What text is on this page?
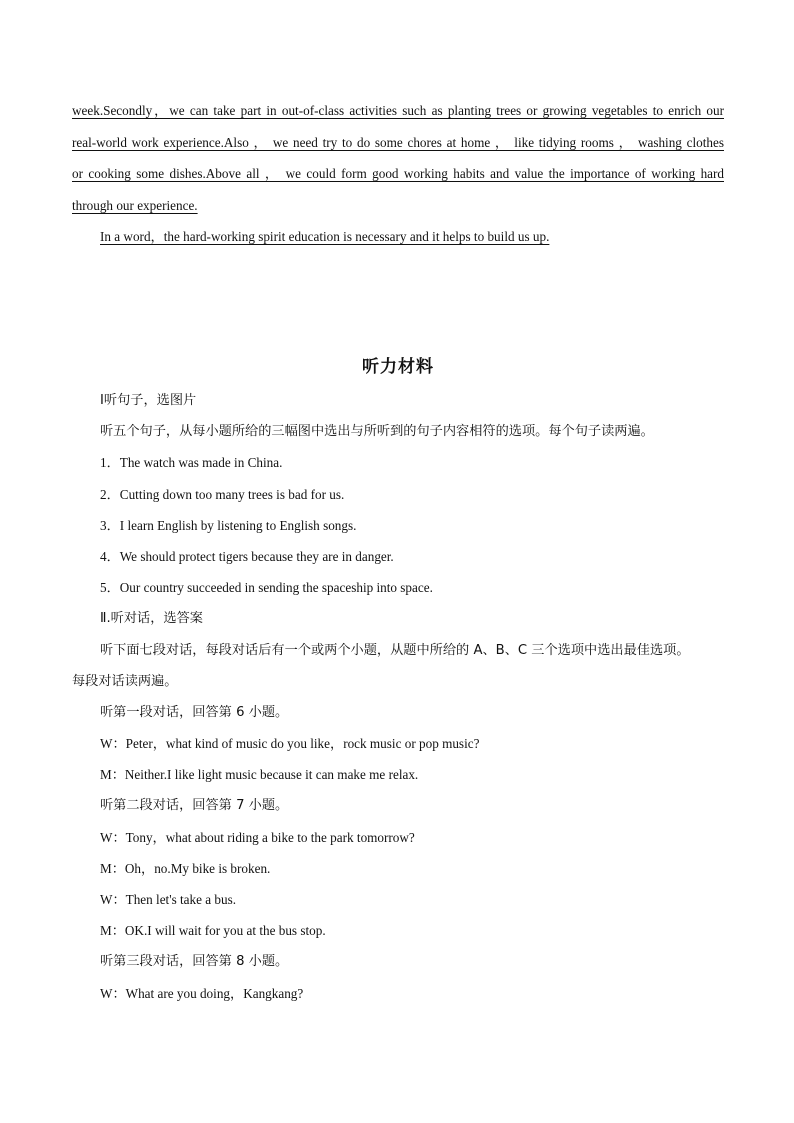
week.Secondly，we can take part in out-of-class activities such as planting trees or growing vegetables to enrich our
real-world work experience.Also ， we need try to do some chores at home ， like tidying rooms ， washing clothes
or cooking some dishes.Above all ， we could form good working habits and value the importance of working hard
through our experience.
In a word，the hard-working spirit education is necessary and it helps to build us up.
听力材料
Ⅰ听句子，选图片
听五个句子，从每小题所给的三幅图中选出与所听到的句子内容相符的选项。每个句子读两遍。
1．The watch was made in China.
2．Cutting down too many trees is bad for us.
3．I learn English by listening to English songs.
4．We should protect tigers because they are in danger.
5．Our country succeeded in sending the spaceship into space.
Ⅱ.听对话，选答案
听下面七段对话，每段对话后有一个或两个小题，从题中所给的 A、B、C 三个选项中选出最佳选项。
每段对话读两遍。
听第一段对话，回答第 6 小题。
W：Peter，what kind of music do you like，rock music or pop music?
M：Neither.I like light music because it can make me relax.
听第二段对话，回答第 7 小题。
W：Tony，what about riding a bike to the park tomorrow?
M：Oh，no.My bike is broken.
W：Then let's take a bus.
M：OK.I will wait for you at the bus stop.
听第三段对话，回答第 8 小题。
W：What are you doing，Kangkang?
